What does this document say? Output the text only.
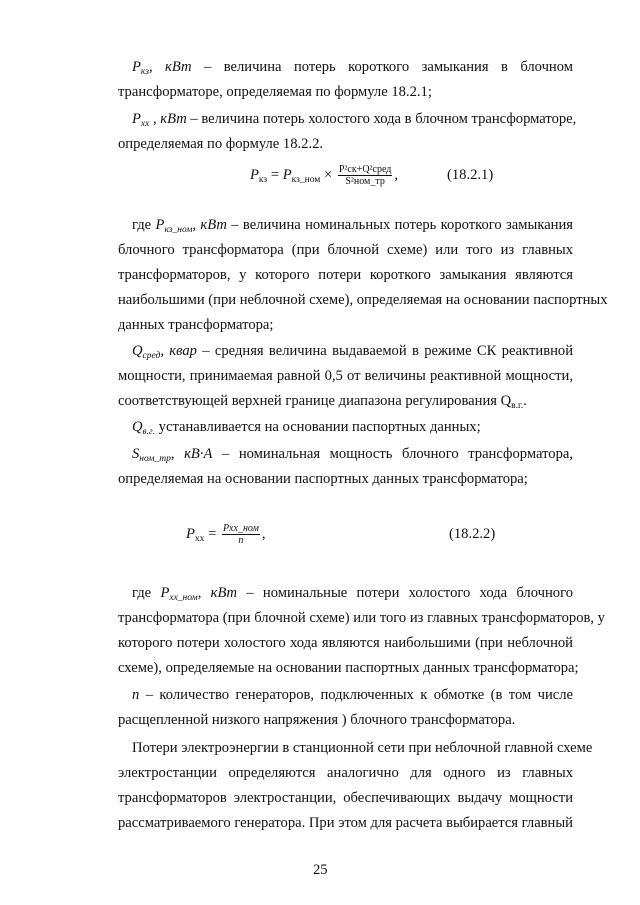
$P_{кз}$, кВт – величина потерь короткого замыкания в блочном
трансформаторе, определяемая по формуле 18.2.1;
$P_{xx}$ , кВт – величина потерь холостого хода в блочном трансформаторе,
определяемая по формуле 18.2.2.
$P_{кз} = P_{кз\_ном} \times \frac{\text{P²ск+Q²сред}}{\text{S²ном\_тр}}$ ,	(18.2.1)
где $P_{кз\_ном}$, кВт – величина номинальных потерь короткого замыкания
блочного трансформатора (при блочной схеме) или того из главных
трансформаторов, у которого потери короткого замыкания являются
наибольшими (при неблочной схеме), определяемая на основании паспортных
данных трансформатора;
$Q_{сред}$, квар – средняя величина выдаваемой в режиме СК реактивной
мощности, принимаемая равной 0,5 от величины реактивной мощности,
соответствующей верхней границе диапазона регулирования $Q_{в.г.}$.
$Q_{в.г.}$ устанавливается на основании паспортных данных;
$S_{ном\_тр}$, кВ·А – номинальная мощность блочного трансформатора,
определяемая на основании паспортных данных трансформатора;
$P_{xx} = \frac{\text{Pxx\_ном}}{n}$ ,	(18.2.2)
где $P_{xx\_ном}$, кВт – номинальные потери холостого хода блочного
трансформатора (при блочной схеме) или того из главных трансформаторов, у
которого потери холостого хода являются наибольшими (при неблочной
схеме), определяемые на основании паспортных данных трансформатора;
n – количество генераторов, подключенных к обмотке (в том числе
расщепленной низкого напряжения ) блочного трансформатора.
Потери электроэнергии в станционной сети при неблочной главной схеме
электростанции определяются аналогично для одного из главных
трансформаторов электростанции, обеспечивающих выдачу мощности
рассматриваемого генератора. При этом для расчета выбирается главный
25
